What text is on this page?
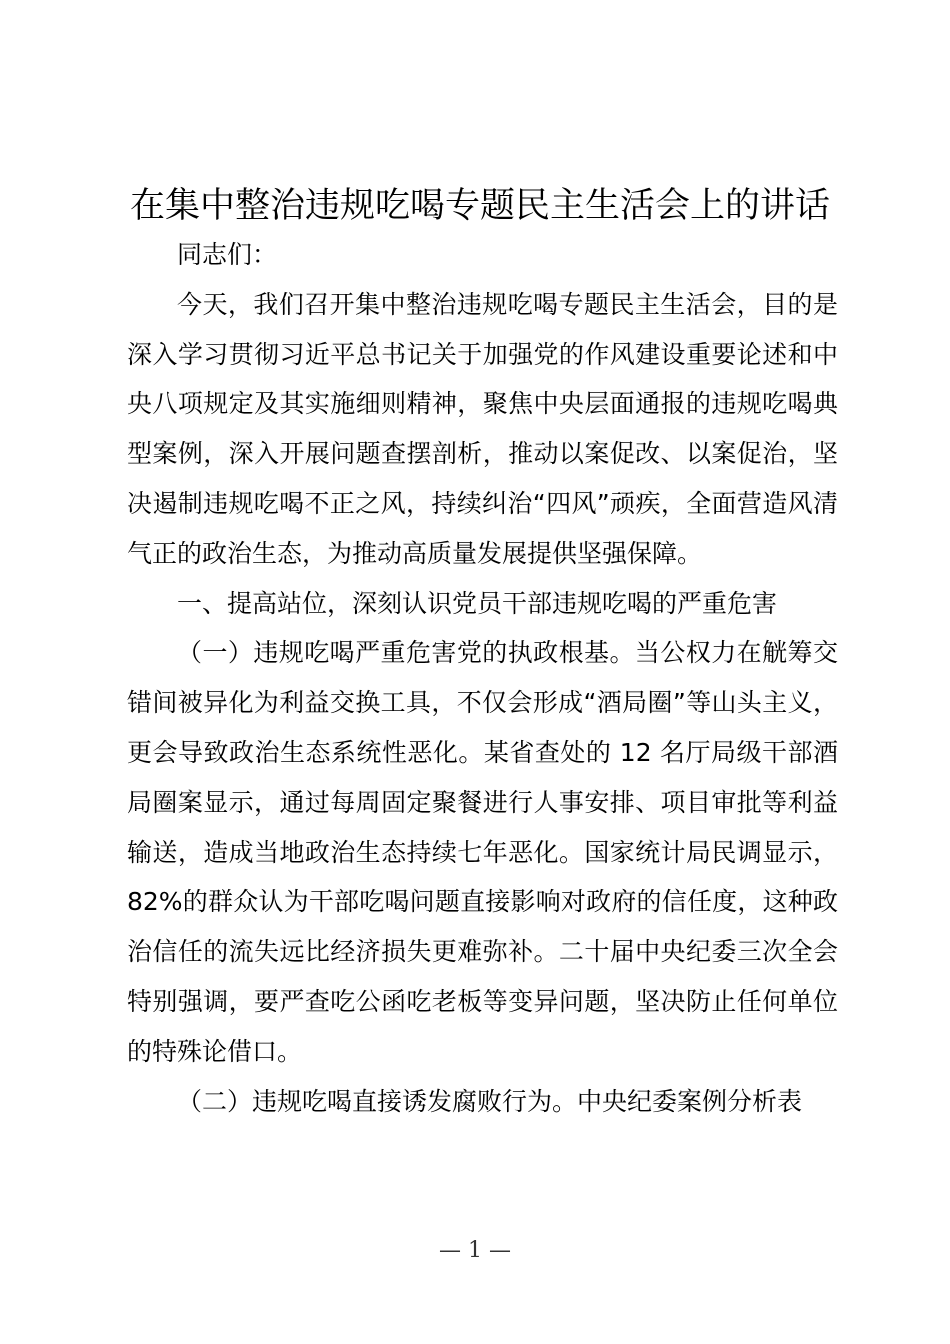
在集中整治违规吃喝专题民主生活会上的讲话

同志们：

今天，我们召开集中整治违规吃喝专题民主生活会，目的是深入学习贯彻习近平总书记关于加强党的作风建设重要论述和中央八项规定及其实施细则精神，聚焦中央层面通报的违规吃喝典型案例，深入开展问题查摆剖析，推动以案促改、以案促治，坚决遏制违规吃喝不正之风，持续纠治“四风”顽疾，全面营造风清气正的政治生态，为推动高质量发展提供坚强保障。

一、提高站位，深刻认识党员干部违规吃喝的严重危害

（一）违规吃喝严重危害党的执政根基。当公权力在觥筹交错间被异化为利益交换工具，不仅会形成“酒局圈”等山头主义，更会导致政治生态系统性恶化。某省查处的 12 名厅局级干部酒局圈案显示，通过每周固定聚餐进行人事安排、项目审批等利益输送，造成当地政治生态持续七年恶化。国家统计局民调显示，82%的群众认为干部吃喝问题直接影响对政府的信任度，这种政治信任的流失远比经济损失更难弥补。二十届中央纪委三次全会特别强调，要严查吃公函吃老板等变异问题，坚决防止任何单位的特殊论借口。

（二）违规吃喝直接诱发腐败行为。中央纪委案例分析表

— 1 —
